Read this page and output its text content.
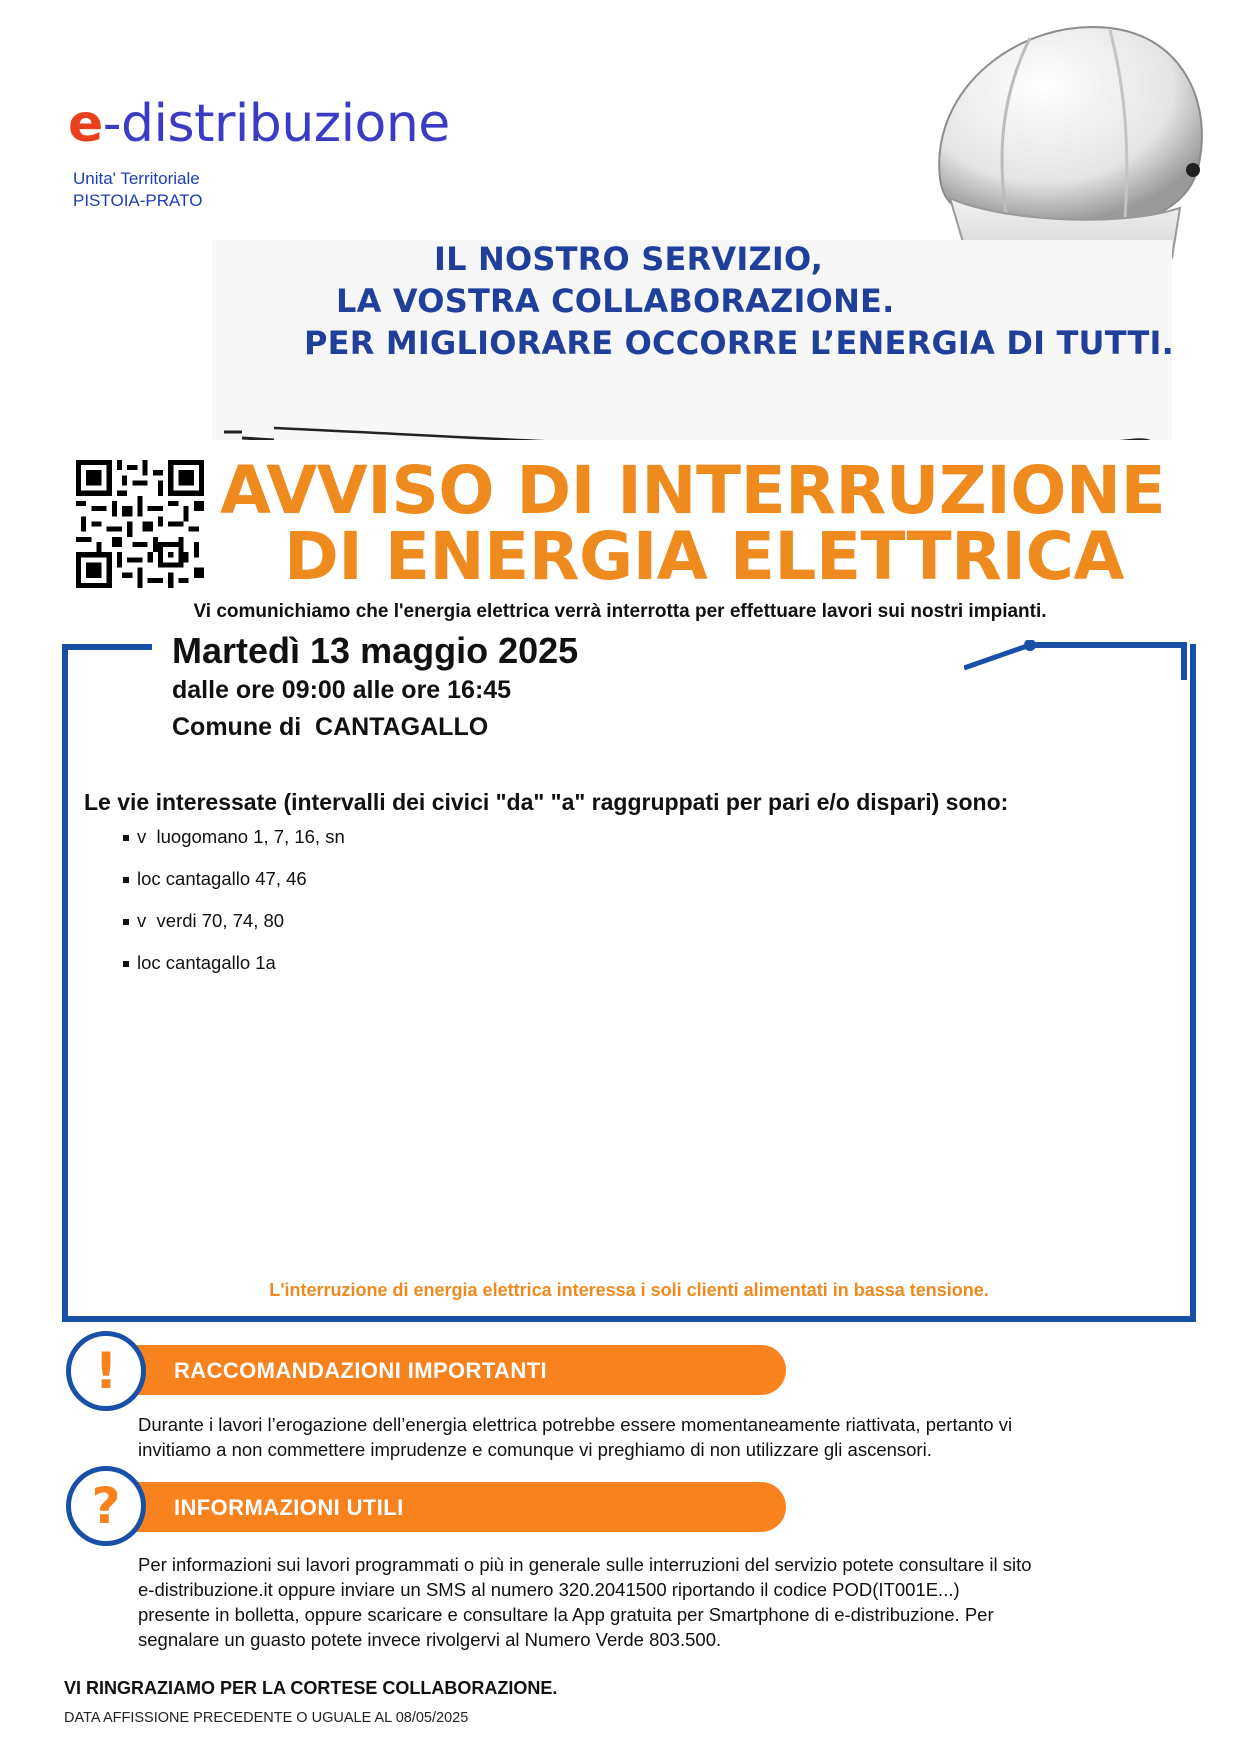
e-distribuzione
Unita' Territoriale
PISTOIA-PRATO
IL NOSTRO SERVIZIO,
LA VOSTRA COLLABORAZIONE.
PER MIGLIORARE OCCORRE L’ENERGIA DI TUTTI.
AVVISO DI INTERRUZIONE
DI ENERGIA ELETTRICA
Vi comunichiamo che l'energia elettrica verrà interrotta per effettuare lavori sui nostri impianti.
Martedì 13 maggio 2025
dalle ore 09:00 alle ore 16:45
Comune di  CANTAGALLO
Le vie interessate (intervalli dei civici "da" "a" raggruppati per pari e/o dispari) sono:
v  luogomano 1, 7, 16, sn
loc cantagallo 47, 46
v  verdi 70, 74, 80
loc cantagallo 1a
L'interruzione di energia elettrica interessa i soli clienti alimentati in bassa tensione.
RACCOMANDAZIONI IMPORTANTI
!
Durante i lavori l’erogazione dell’energia elettrica potrebbe essere momentaneamente riattivata, pertanto vi
invitiamo a non commettere imprudenze e comunque vi preghiamo di non utilizzare gli ascensori.
INFORMAZIONI UTILI
?
Per informazioni sui lavori programmati o più in generale sulle interruzioni del servizio potete consultare il sito
e-distribuzione.it oppure inviare un SMS al numero 320.2041500 riportando il codice POD(IT001E...)
presente in bolletta, oppure scaricare e consultare la App gratuita per Smartphone di e-distribuzione. Per
segnalare un guasto potete invece rivolgervi al Numero Verde 803.500.
VI RINGRAZIAMO PER LA CORTESE COLLABORAZIONE.
DATA AFFISSIONE PRECEDENTE O UGUALE AL 08/05/2025
